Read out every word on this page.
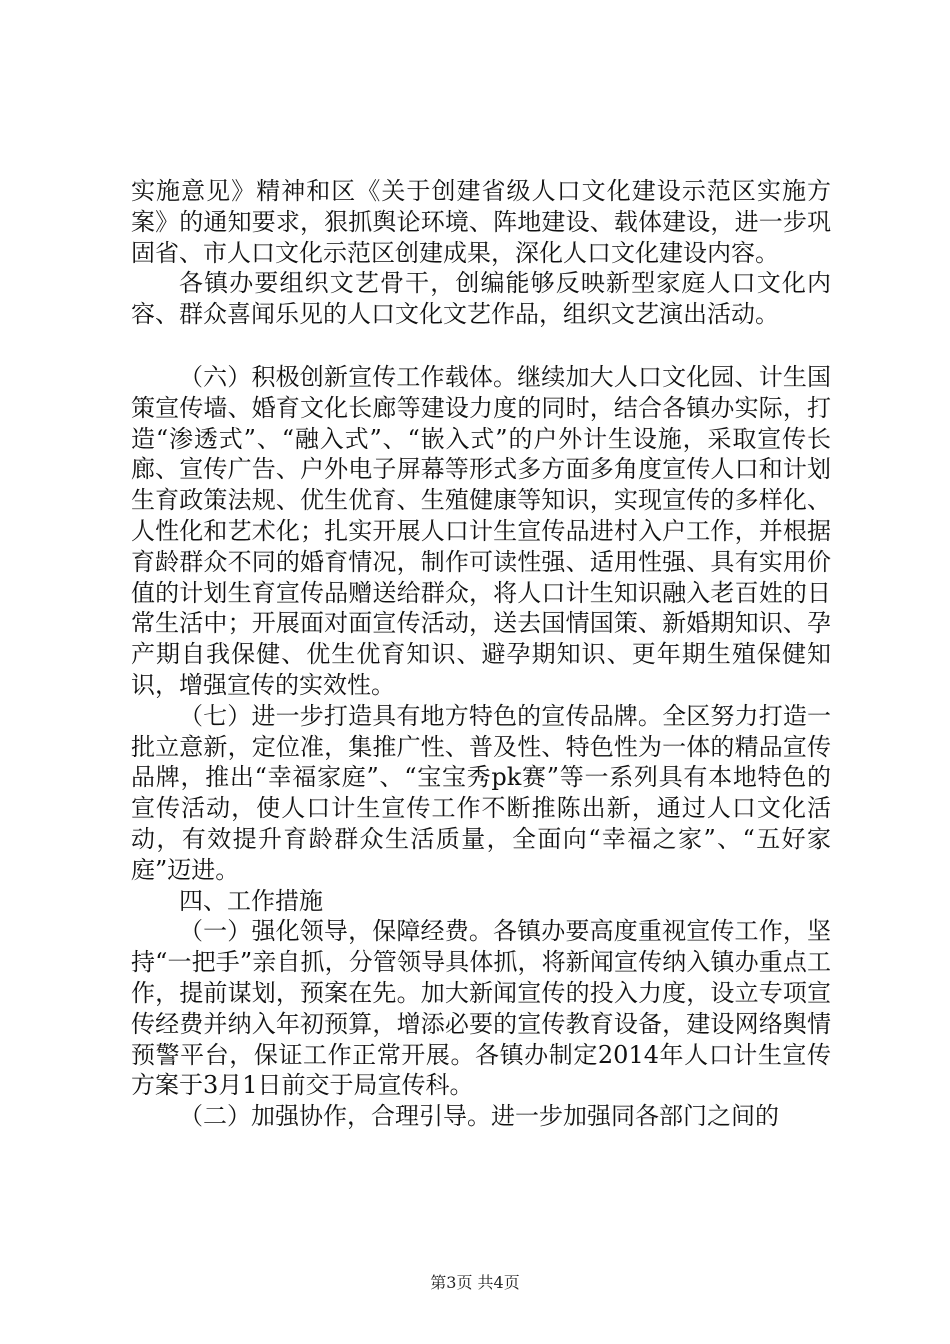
实施意见》精神和区《关于创建省级人口文化建设示范区实施方案》的通知要求，狠抓舆论环境、阵地建设、载体建设，进一步巩固省、市人口文化示范区创建成果，深化人口文化建设内容。

各镇办要组织文艺骨干，创编能够反映新型家庭人口文化内容、群众喜闻乐见的人口文化文艺作品，组织文艺演出活动。

（六）积极创新宣传工作载体。继续加大人口文化园、计生国策宣传墙、婚育文化长廊等建设力度的同时，结合各镇办实际，打造“渗透式”、“融入式”、“嵌入式”的户外计生设施，采取宣传长廊、宣传广告、户外电子屏幕等形式多方面多角度宣传人口和计划生育政策法规、优生优育、生殖健康等知识，实现宣传的多样化、人性化和艺术化；扎实开展人口计生宣传品进村入户工作，并根据育龄群众不同的婚育情况，制作可读性强、适用性强、具有实用价值的计划生育宣传品赠送给群众，将人口计生知识融入老百姓的日常生活中；开展面对面宣传活动，送去国情国策、新婚期知识、孕产期自我保健、优生优育知识、避孕期知识、更年期生殖保健知识，增强宣传的实效性。

（七）进一步打造具有地方特色的宣传品牌。全区努力打造一批立意新，定位准，集推广性、普及性、特色性为一体的精品宣传品牌，推出“幸福家庭”、“宝宝秀pk赛”等一系列具有本地特色的宣传活动，使人口计生宣传工作不断推陈出新，通过人口文化活动，有效提升育龄群众生活质量，全面向“幸福之家”、“五好家庭”迈进。

四、工作措施

（一）强化领导，保障经费。各镇办要高度重视宣传工作，坚持“一把手”亲自抓，分管领导具体抓，将新闻宣传纳入镇办重点工作，提前谋划，预案在先。加大新闻宣传的投入力度，设立专项宣传经费并纳入年初预算，增添必要的宣传教育设备，建设网络舆情预警平台，保证工作正常开展。各镇办制定2014年人口计生宣传方案于3月1日前交于局宣传科。

（二）加强协作，合理引导。进一步加强同各部门之间的

第3页 共4页
